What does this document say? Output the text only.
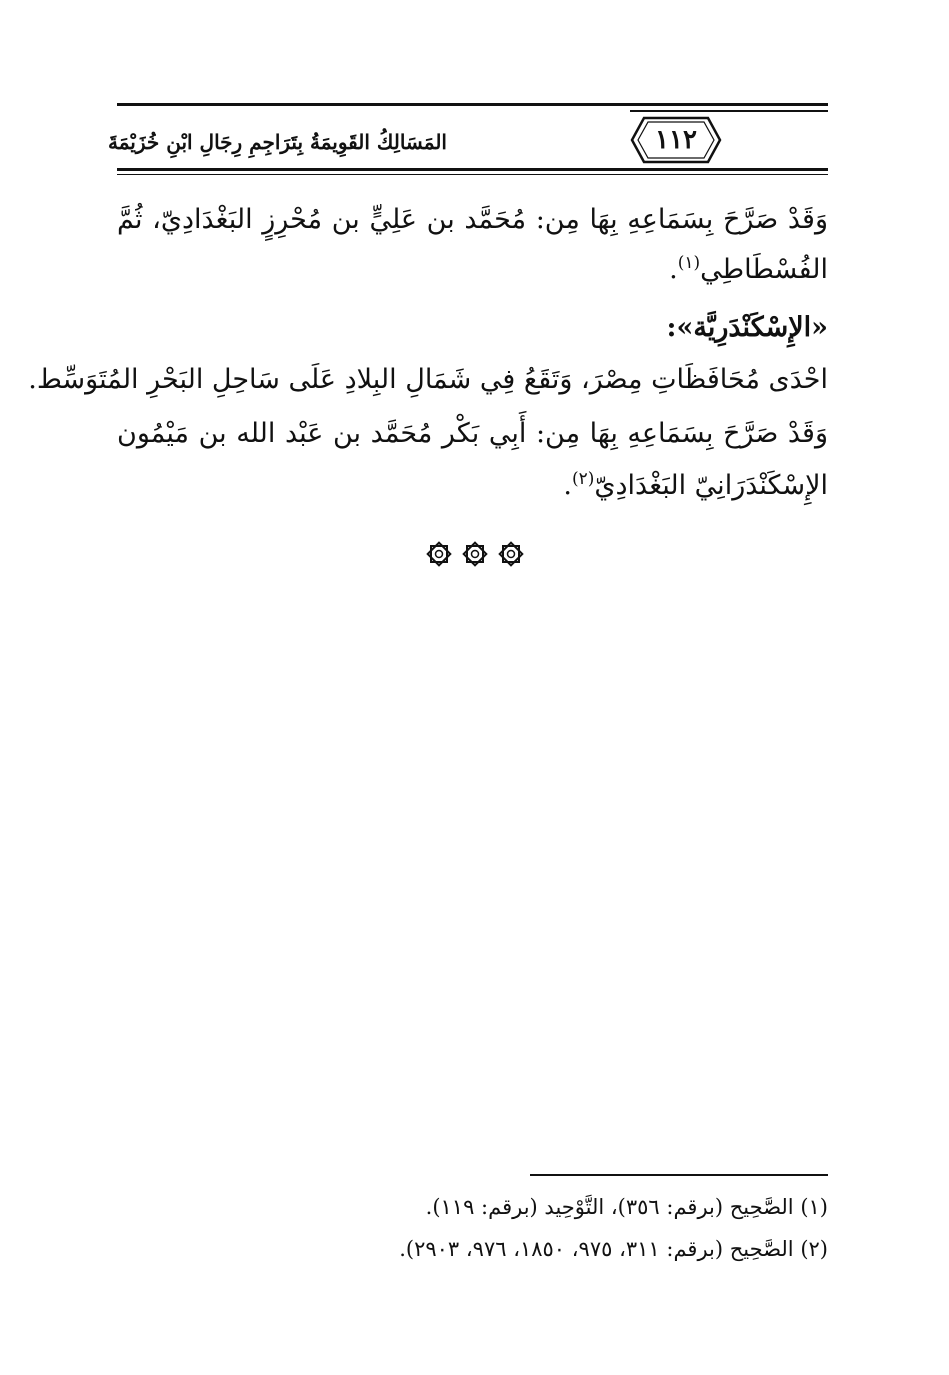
١١٢
المَسَالِكُ القَوِيمَةُ بِتَرَاجِمِ رِجَالِ ابْنِ خُزَيْمَةَ
وَقَدْ صَرَّحَ بِسَمَاعِهِ بِهَا مِن: مُحَمَّد بن عَلِيٍّ بن مُحْرِزٍ البَغْدَادِيّ، ثُمَّ
الفُسْطَاطِي$^{(١)}$.
«الإِسْكَنْدَرِيَّة»:
احْدَى مُحَافَظَاتِ مِصْرَ، وَتَقَعُ فِي شَمَالِ البِلادِ عَلَى سَاحِلِ البَحْرِ المُتَوَسِّط.
وَقَدْ صَرَّحَ بِسَمَاعِهِ بِهَا مِن: أَبِي بَكْر مُحَمَّد بن عَبْد الله بن مَيْمُون
الإِسْكَنْدَرَانِيّ البَغْدَادِيّ$^{(٢)}$.
(١) الصَّحِيح (برقم: ٣٥٦)، التَّوْحِيد (برقم: ١١٩).
(٢) الصَّحِيح (برقم: ٣١١، ٩٧٥، ١٨٥٠، ٩٧٦، ٢٩٠٣).
